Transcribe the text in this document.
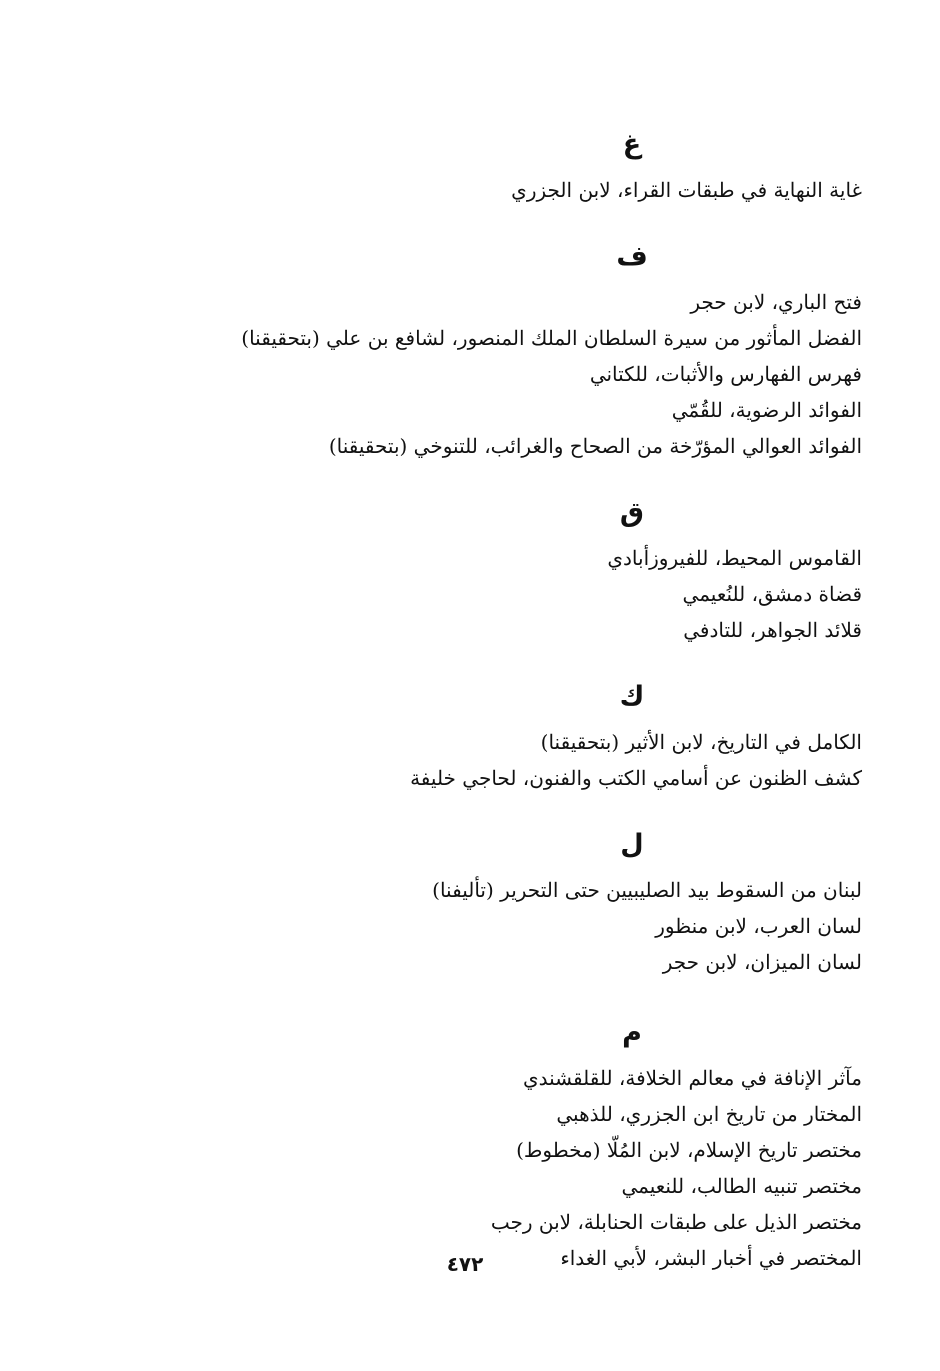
غ
غاية النهاية في طبقات القراء، لابن الجزري
ف
فتح الباري، لابن حجر
الفضل المأثور من سيرة السلطان الملك المنصور، لشافع بن علي (بتحقيقنا)
فهرس الفهارس والأثبات، للكتاني
الفوائد الرضوية، للقُمّي
الفوائد العوالي المؤرّخة من الصحاح والغرائب، للتنوخي (بتحقيقنا)
ق
القاموس المحيط، للفيروزأبادي
قضاة دمشق، للنُعيمي
قلائد الجواهر، للتادفي
ك
الكامل في التاريخ، لابن الأثير (بتحقيقنا)
كشف الظنون عن أسامي الكتب والفنون، لحاجي خليفة
ل
لبنان من السقوط بيد الصليبيين حتى التحرير (تأليفنا)
لسان العرب، لابن منظور
لسان الميزان، لابن حجر
م
مآثر الإنافة في معالم الخلافة، للقلقشندي
المختار من تاريخ ابن الجزري، للذهبي
مختصر تاريخ الإسلام، لابن المُلّا (مخطوط)
مختصر تنبيه الطالب، للنعيمي
مختصر الذيل على طبقات الحنابلة، لابن رجب
المختصر في أخبار البشر، لأبي الغداء
٤٧٢
